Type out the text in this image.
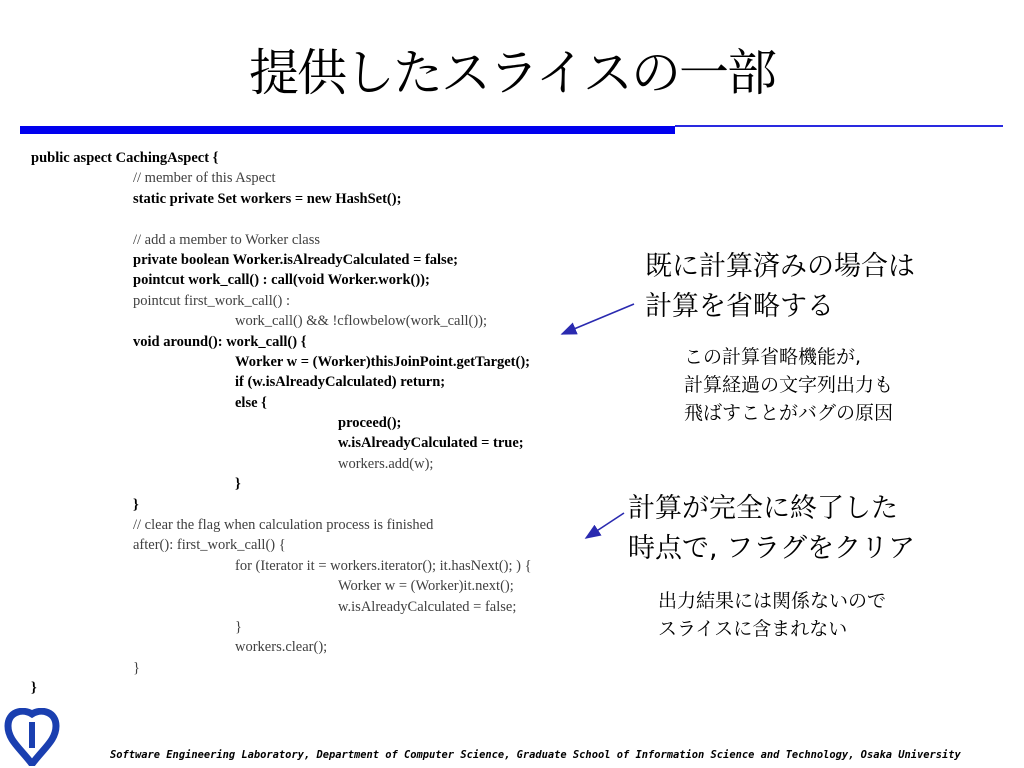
提供したスライスの一部
public aspect CachingAspect {
// member of this Aspect
static private Set workers = new HashSet();
// add a member to Worker class
private boolean Worker.isAlreadyCalculated = false;
pointcut work_call() : call(void Worker.work());
pointcut first_work_call() :
work_call() && !cflowbelow(work_call());
void around(): work_call() {
Worker w = (Worker)thisJoinPoint.getTarget();
if (w.isAlreadyCalculated) return;
else {
proceed();
w.isAlreadyCalculated = true;
workers.add(w);
}
}
// clear the flag when calculation process is finished
after(): first_work_call() {
for (Iterator it = workers.iterator(); it.hasNext(); ) {
Worker w = (Worker)it.next();
w.isAlreadyCalculated = false;
}
workers.clear();
}
}
既に計算済みの場合は
計算を省略する
この計算省略機能が,
計算経過の文字列出力も
飛ばすことがバグの原因
計算が完全に終了した
時点で, フラグをクリア
出力結果には関係ないので
スライスに含まれない
Software Engineering Laboratory, Department of Computer Science, Graduate School of Information Science and Technology, Osaka University
